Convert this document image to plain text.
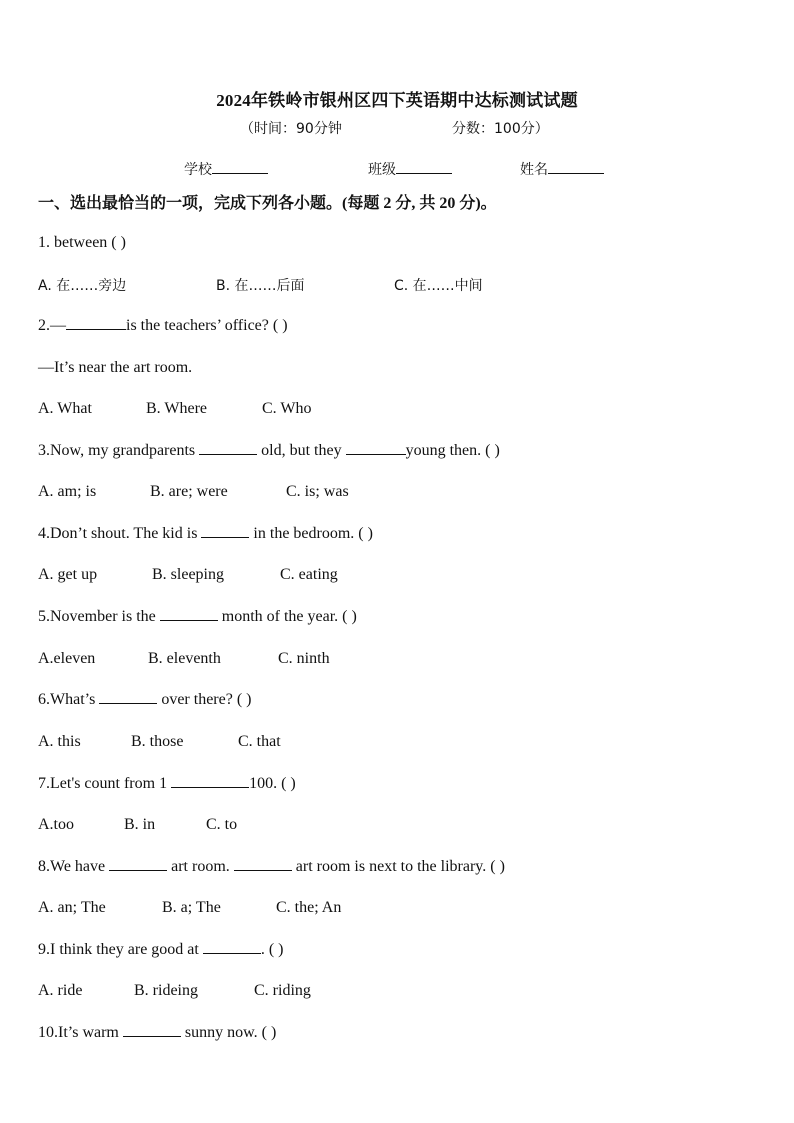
2024年铁岭市银州区四下英语期中达标测试试题
（时间：90分钟	分数：100分）
学校	班级	姓名
一、选出最恰当的一项，完成下列各小题。(每题 2 分, 共 20 分)。
1. between ( )
A. 在……旁边	B. 在……后面	C. 在……中间
2.—	is the teachers’ office? ( )
—It’s near the art room.
A. What	B. Where	C. Who
3.Now, my grandparents	old, but they	young then. ( )
A. am; is	B. are; were	C. is; was
4.Don’t shout. The kid is	in the bedroom. ( )
A. get up	B. sleeping	C. eating
5.November is the	month of the year. ( )
A.eleven	B. eleventh	C. ninth
6.What’s	over there? ( )
A. this	B. those	C. that
7.Let's count from 1	100. ( )
A.too	B. in	C. to
8.We have	art room.	art room is next to the library. ( )
A. an; The	B. a; The	C. the; An
9.I think they are good at	. ( )
A. ride	B. rideing	C. riding
10.It’s warm	sunny now. ( )
